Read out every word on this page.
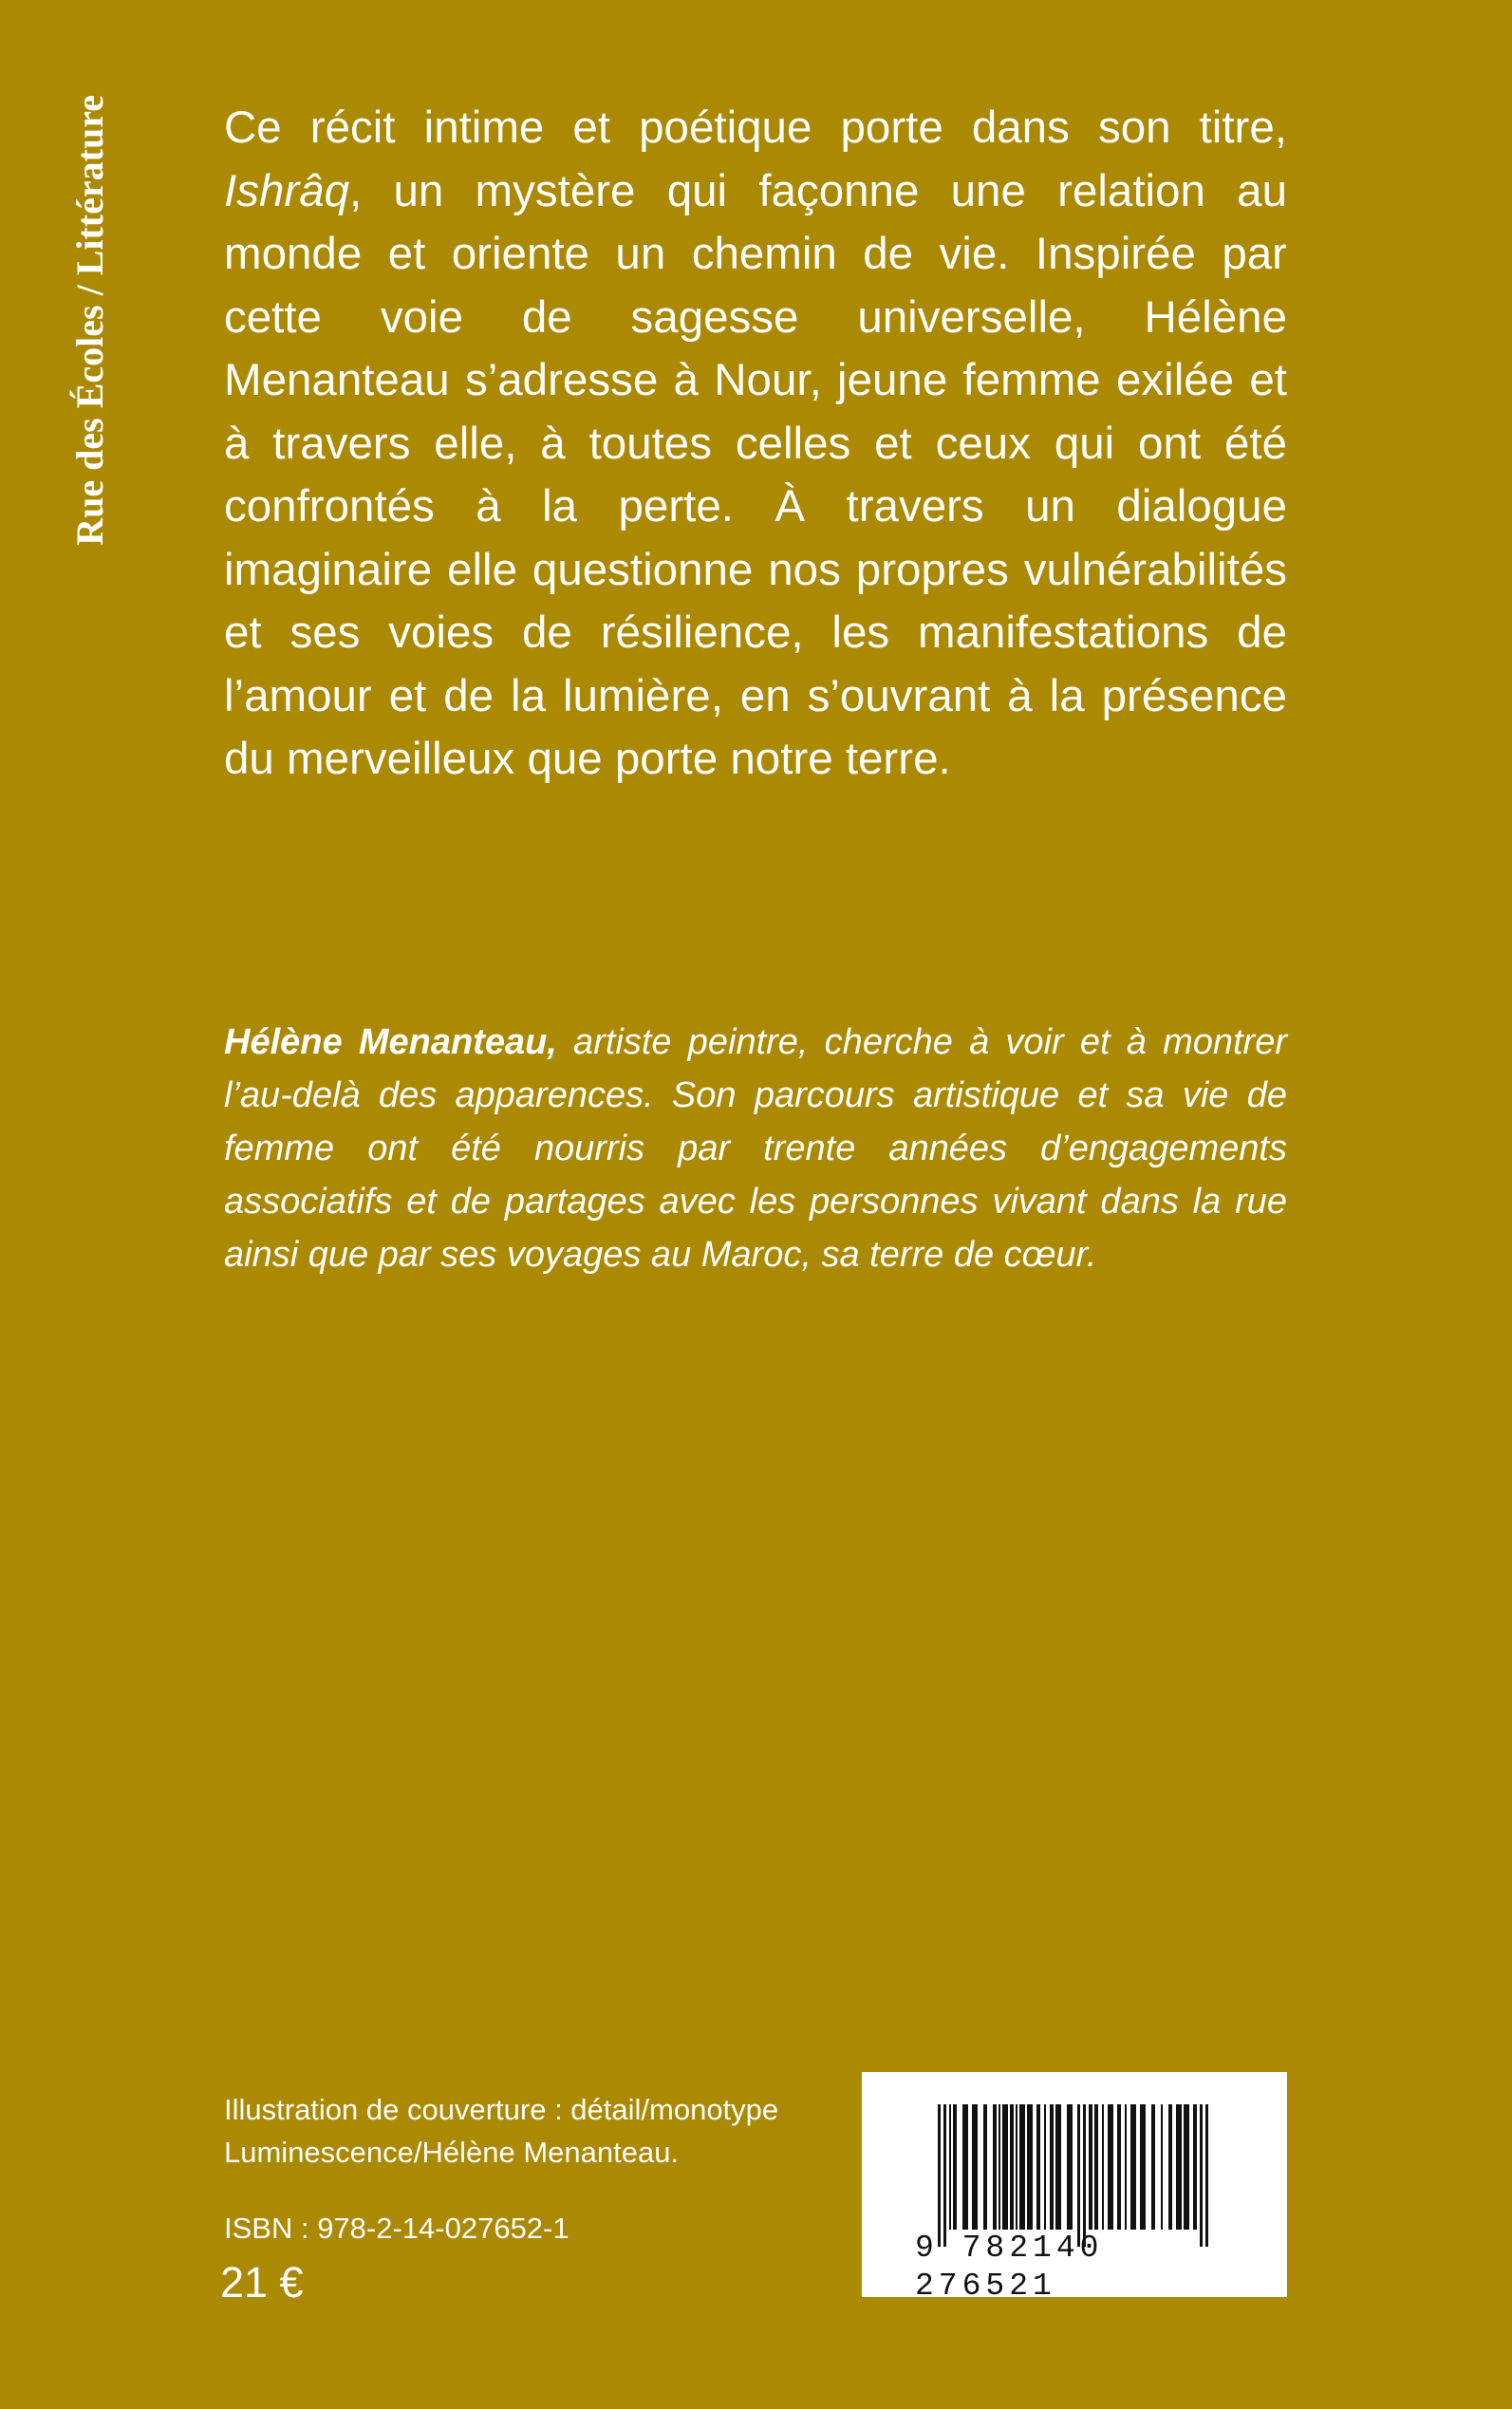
Rue des Écoles / Littérature	Ce récit intime et poétique porte dans son titre, Ishrâq, un mystère qui façonne une relation au monde et oriente un chemin de vie. Inspirée par cette voie de sagesse universelle, Hélène Menanteau s’adresse à Nour, jeune femme exilée et à travers elle, à toutes celles et ceux qui ont été confrontés à la perte. À travers un dialogue imaginaire elle questionne nos propres vulnérabilités et ses voies de résilience, les manifestations de l’amour et de la lumière, en s’ouvrant à la présence du merveilleux que porte notre terre.

Hélène Menanteau, artiste peintre, cherche à voir et à montrer l’au-delà des apparences. Son parcours artistique et sa vie de femme ont été nourris par trente années d’engagements associatifs et de partages avec les personnes vivant dans la rue ainsi que par ses voyages au Maroc, sa terre de cœur.

Illustration de couverture : détail/monotype
Luminescence/Hélène Menanteau.
ISBN : 978-2-14-027652-1
21 €
9 782140 276521
